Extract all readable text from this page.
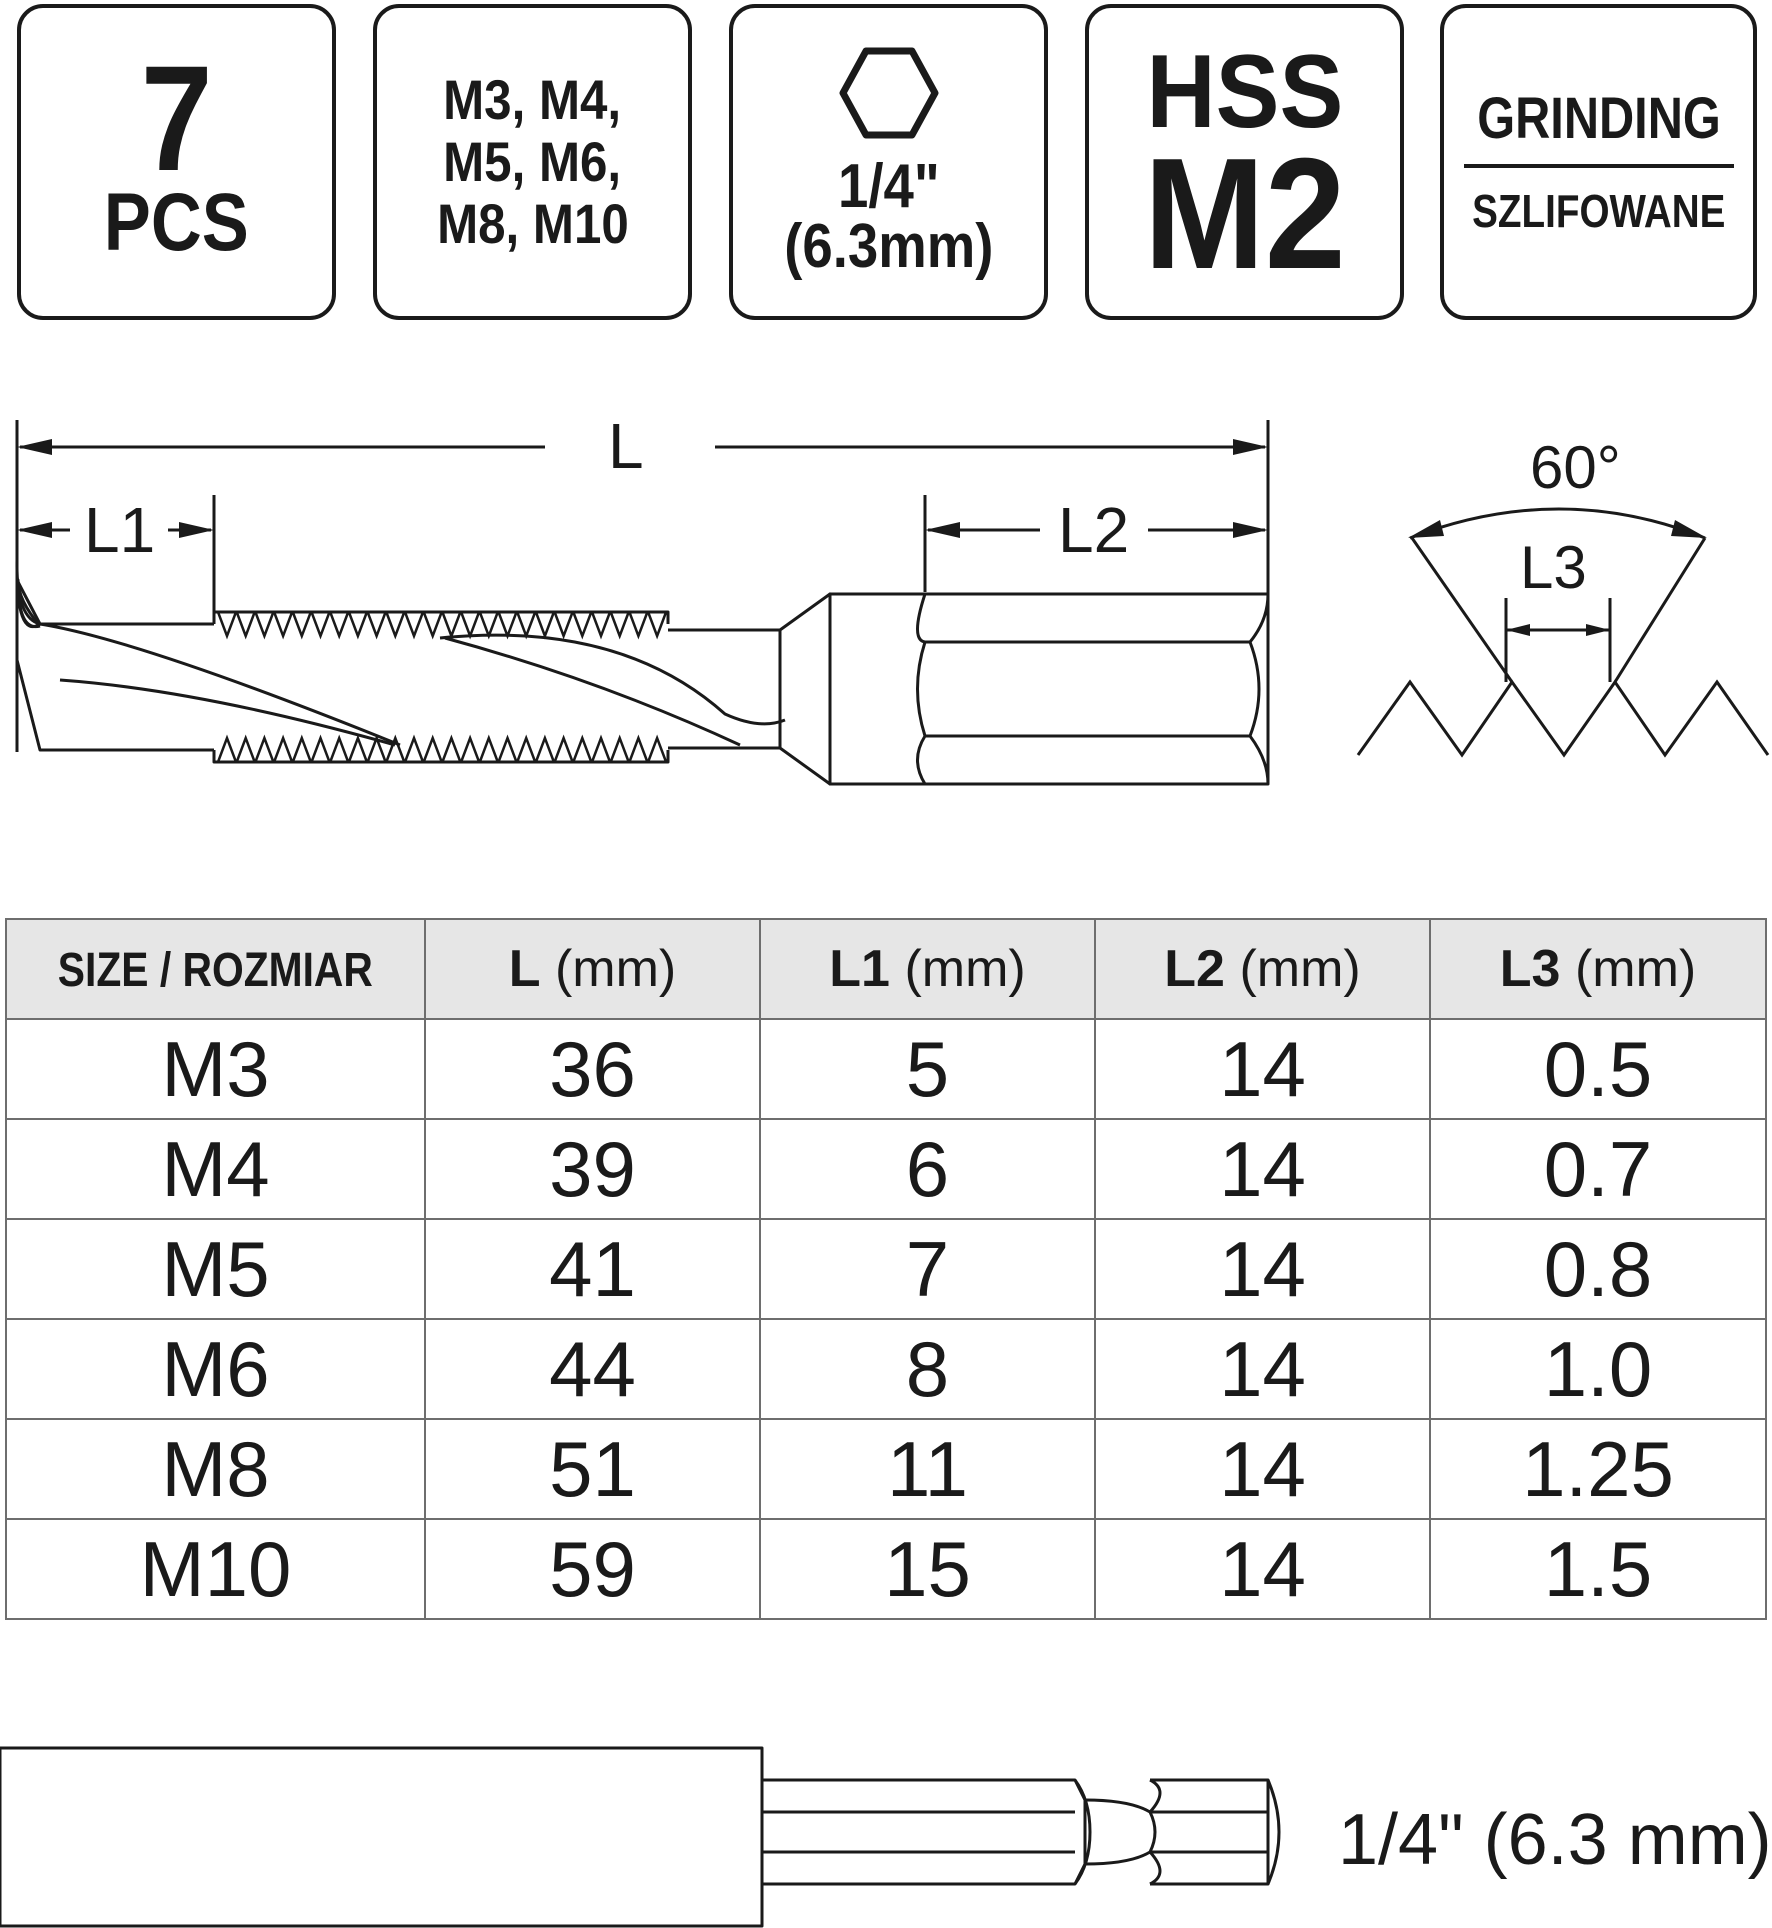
7
PCS
M3, M4,
M5, M6,
M8, M10
1/4"
(6.3mm)
HSS
M2
GRINDING
SZLIFOWANE
L
L1	L2
60°
L3
SIZE / ROZMIAR	L (mm)	L1 (mm)	L2 (mm)	L3 (mm)
M3	36	5	14	0.5
M4	39	6	14	0.7
M5	41	7	14	0.8
M6	44	8	14	1.0
M8	51	11	14	1.25
M10	59	15	14	1.5
1/4" (6.3 mm)
